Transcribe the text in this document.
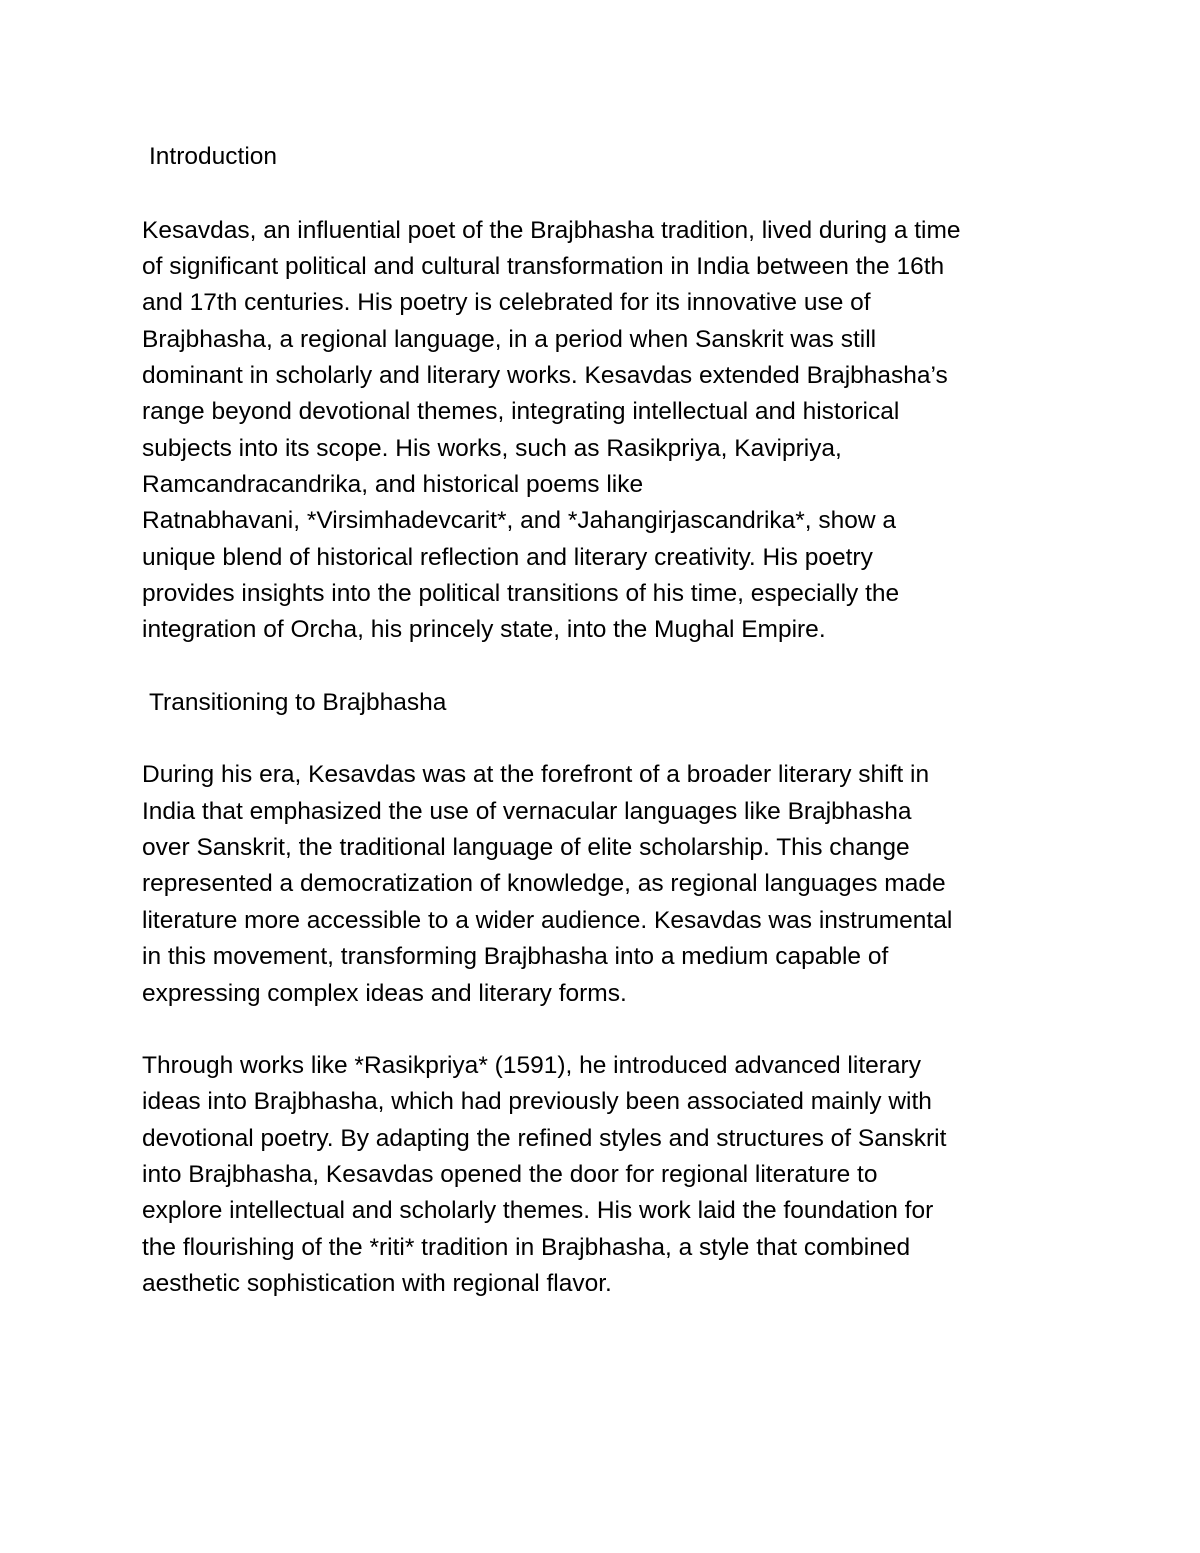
Introduction
Kesavdas, an influential poet of the Brajbhasha tradition, lived during a time
of significant political and cultural transformation in India between the 16th
and 17th centuries. His poetry is celebrated for its innovative use of
Brajbhasha, a regional language, in a period when Sanskrit was still
dominant in scholarly and literary works. Kesavdas extended Brajbhasha’s
range beyond devotional themes, integrating intellectual and historical
subjects into its scope. His works, such as Rasikpriya, Kavipriya,
Ramcandracandrika, and historical poems like
Ratnabhavani, *Virsimhadevcarit*, and *Jahangirjascandrika*, show a
unique blend of historical reflection and literary creativity. His poetry
provides insights into the political transitions of his time, especially the
integration of Orcha, his princely state, into the Mughal Empire.
Transitioning to Brajbhasha
During his era, Kesavdas was at the forefront of a broader literary shift in
India that emphasized the use of vernacular languages like Brajbhasha
over Sanskrit, the traditional language of elite scholarship. This change
represented a democratization of knowledge, as regional languages made
literature more accessible to a wider audience. Kesavdas was instrumental
in this movement, transforming Brajbhasha into a medium capable of
expressing complex ideas and literary forms.
Through works like *Rasikpriya* (1591), he introduced advanced literary
ideas into Brajbhasha, which had previously been associated mainly with
devotional poetry. By adapting the refined styles and structures of Sanskrit
into Brajbhasha, Kesavdas opened the door for regional literature to
explore intellectual and scholarly themes. His work laid the foundation for
the flourishing of the *riti* tradition in Brajbhasha, a style that combined
aesthetic sophistication with regional flavor.
